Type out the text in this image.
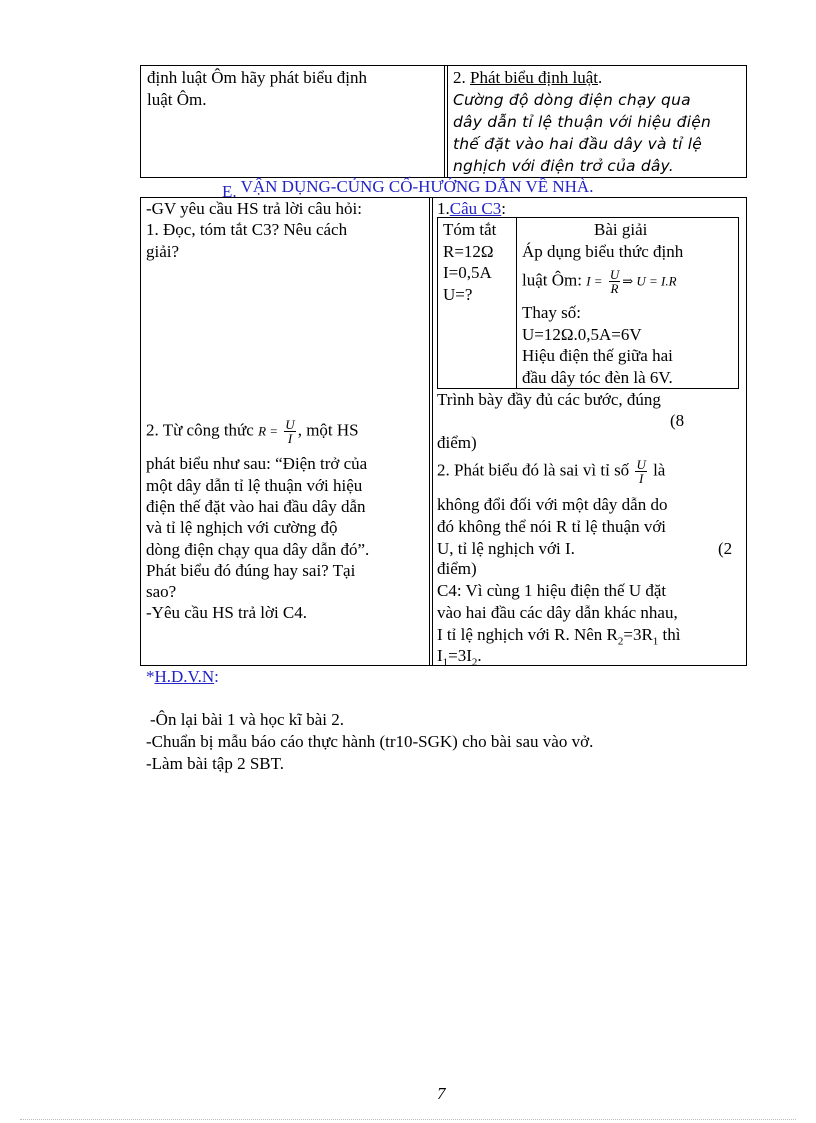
định luật Ôm hãy phát biểu định
luật Ôm.
2. Phát biểu định luật.
Cường độ dòng điện chạy qua
dây dẫn tỉ lệ thuận với hiệu điện
thế đặt vào hai đầu dây và tỉ lệ
nghịch với điện trở của dây.
E. VẬN DỤNG-CỦNG CỐ-HƯỚNG DẪN VỀ NHÀ.
-GV yêu cầu HS trả lời câu hỏi:
1. Đọc, tóm tắt C3? Nêu cách
giải?
2. Từ công thức $R = \frac{U}{I}$ , một HS
phát biểu như sau: “Điện trở của
một dây dẫn tỉ lệ thuận với hiệu
điện thế đặt vào hai đầu dây dẫn
và tỉ lệ nghịch với cường độ
dòng điện chạy qua dây dẫn đó”.
Phát biểu đó đúng hay sai? Tại
sao?
-Yêu cầu HS trả lời C4.
1.Câu C3:
Tóm tắt
R=12Ω
I=0,5A
U=?
Bài giải
Áp dụng biểu thức định
luật Ôm: $I = \frac{U}{R}$ ⇒ U = I.R
Thay số:
U=12Ω.0,5A=6V
Hiệu điện thế giữa hai
đầu dây tóc đèn là 6V.
Trình bày đầy đủ các bước, đúng
(8
điểm)
2. Phát biểu đó là sai vì tỉ số $\frac{U}{I}$ là
không đổi đối với một dây dẫn do
đó không thể nói R tỉ lệ thuận với
U, tỉ lệ nghịch với I.	(2
điểm)
C4: Vì cùng 1 hiệu điện thế U đặt
vào hai đầu các dây dẫn khác nhau,
I tỉ lệ nghịch với R. Nên $R_2=3R_1$ thì
$I_1=3I_2$.
*H.D.V.N:
-Ôn lại bài 1 và học kĩ bài 2.
-Chuẩn bị mẫu báo cáo thực hành (tr10-SGK) cho bài sau vào vở.
-Làm bài tập 2 SBT.
7
